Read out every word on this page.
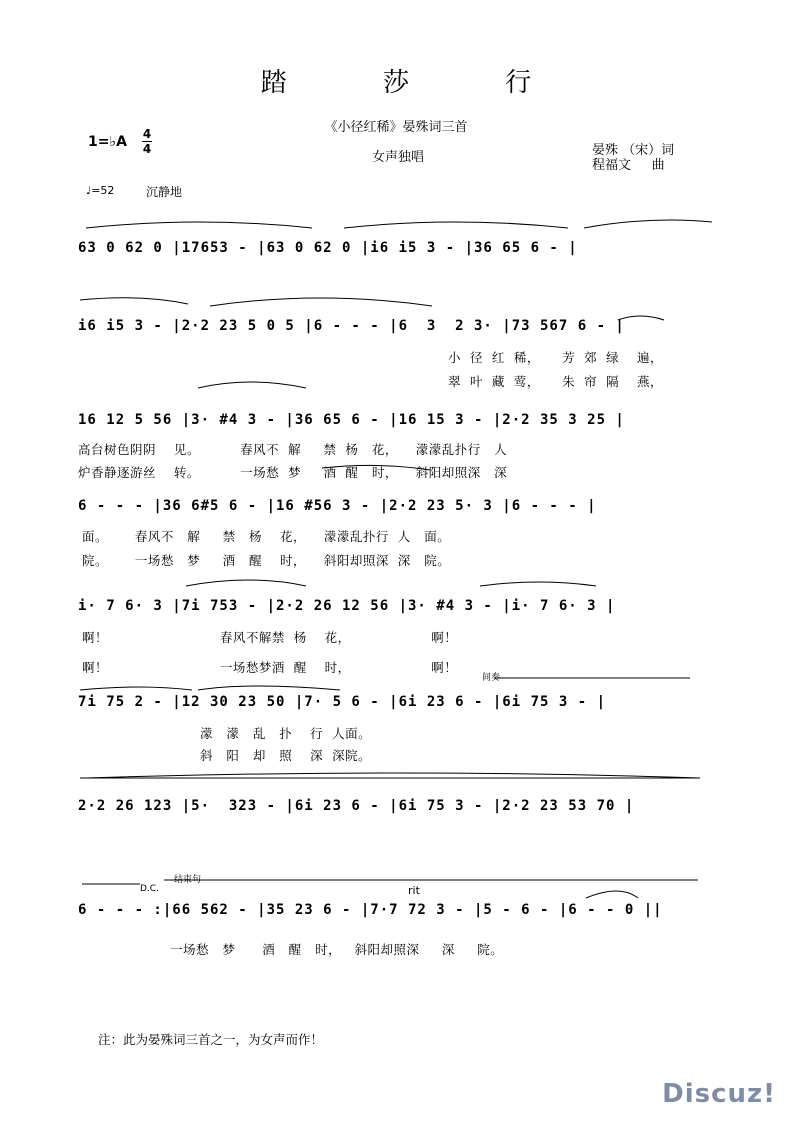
踏 莎 行
《小径红稀》晏殊词三首
女声独唱	晏殊 （宋）词
程福文     曲
1=♭A 4
4
♩=52	沉静地
63 0 62 0 |17653 - |63 0 62 0 |i6 i5 3 - |36 65 6 - |
i6 i5 3 - |2·2 23 5 0 5 |6 - - - |6  3  2 3· |73 567 6 - |
小  径  红  稀，     芳  郊  绿    遍，
翠  叶  藏  莺，     朱  帘  隔    燕，
16 12 5 56 |3· #4 3 - |36 65 6 - |16 15 3 - |2·2 35 3 25 |
高台树色阴阴    见。         春风不  解     禁  杨   花，    濛濛乱扑行   人
炉香静逐游丝    转。         一场愁  梦     酒  醒   时，    斜阳却照深   深
6 - - - |36 6#5 6 - |16 #56 3 - |2·2 23 5· 3 |6 - - - |
面。      春风不   解     禁   杨    花，    濛濛乱扑行  人   面。
院。      一场愁   梦     酒   醒    时，    斜阳却照深  深   院。
i· 7 6· 3 |7i 753 - |2·2 26 12 56 |3· #4 3 - |i· 7 6· 3 |
啊！                         春风不解禁  杨    花，                  啊！
啊！                         一场愁梦酒  醒    时，                  啊！
间奏
7i 75 2 - |12 30 23 50 |7· 5 6 - |6i 23 6 - |6i 75 3 - |
濛   濛   乱   扑    行  人面。
斜   阳   却   照    深  深院。
2·2 26 123 |5·  323 - |6i 23 6 - |6i 75 3 - |2·2 23 53 70 |
D.C.
结束句
rit
6 - - - :|66 562 - |35 23 6 - |7·7 72 3 - |5 - 6 - |6 - - 0 ||
一场愁   梦      酒   醒   时，   斜阳却照深     深     院。
注：此为晏殊词三首之一，为女声而作！
Discuz!
